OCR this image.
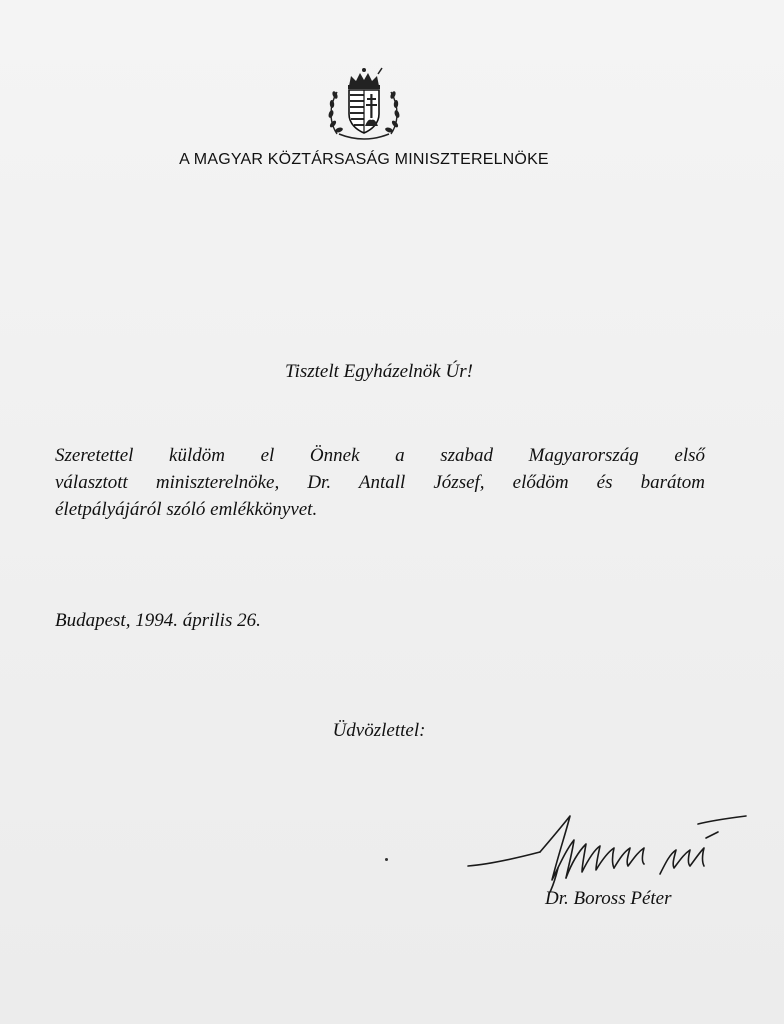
A MAGYAR KÖZTÁRSASÁG MINISZTERELNÖKE
Tisztelt Egyházelnök Úr!
Szeretettel küldöm el Önnek a szabad Magyarország első
választott miniszterelnöke, Dr. Antall József, elődöm és barátom
életpályájáról szóló emlékkönyvet.
Budapest, 1994. április 26.
Üdvözlettel:
Dr. Boross Péter
